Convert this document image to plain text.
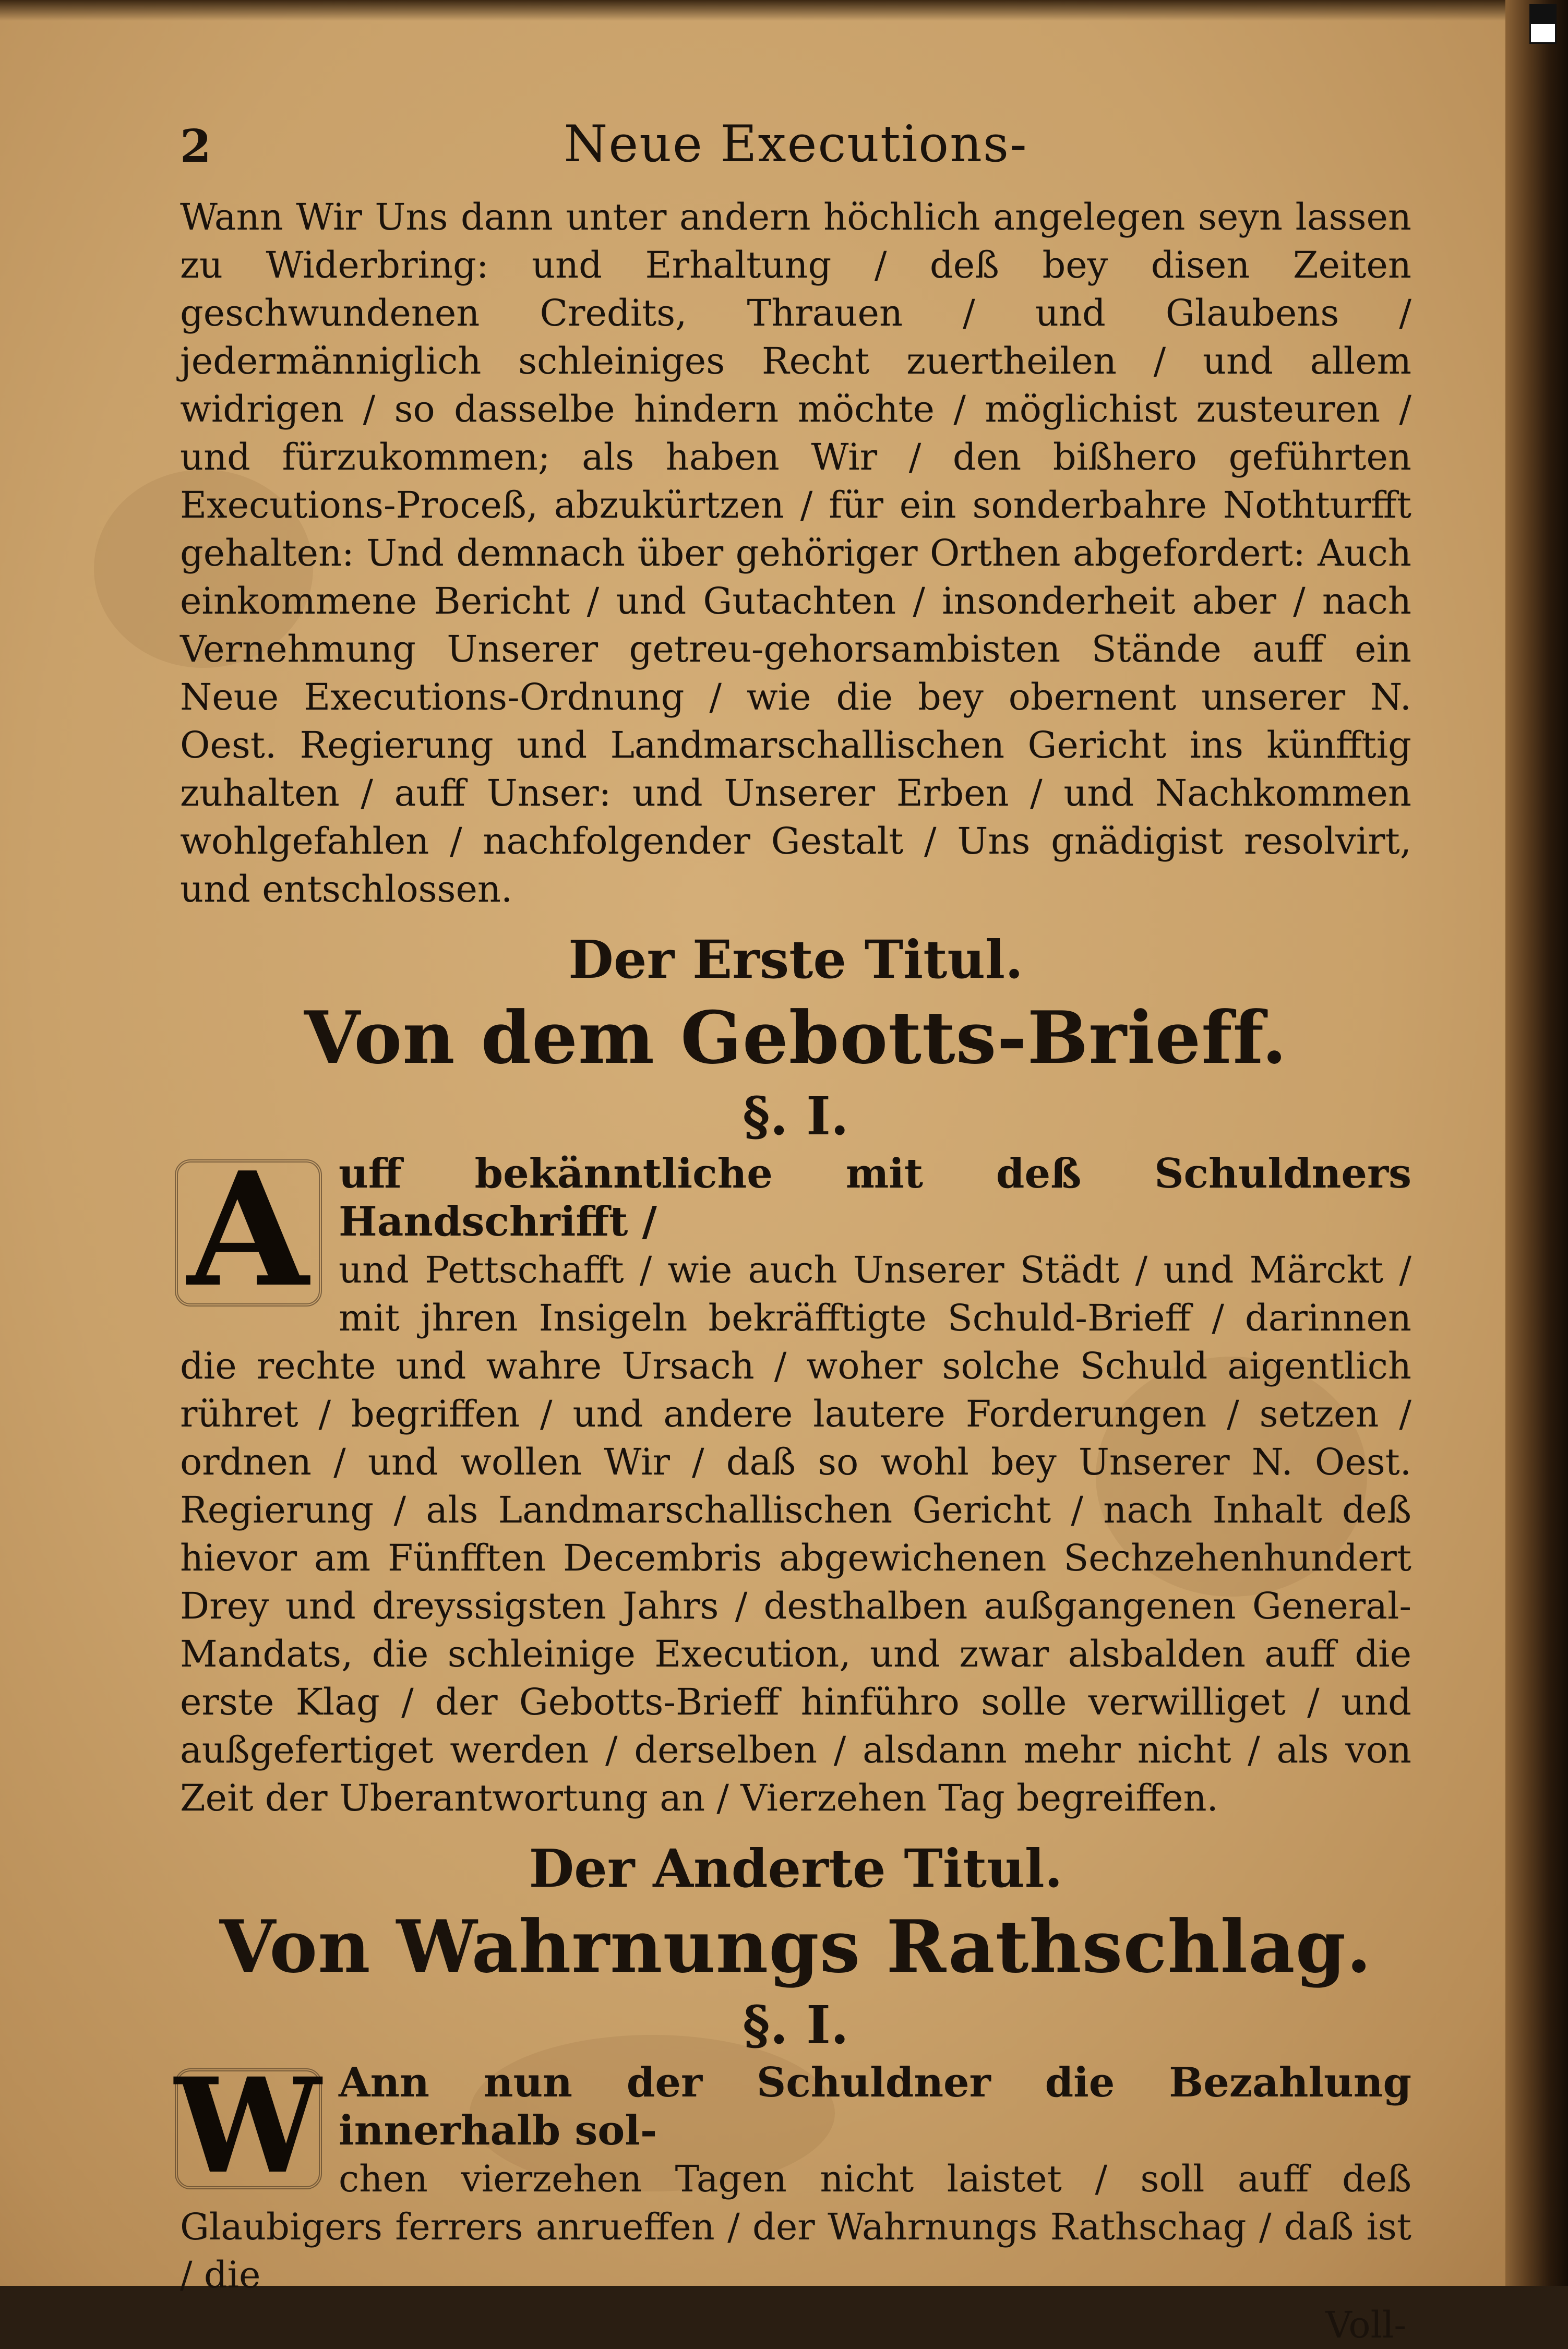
2	Neue Executions-

Wann Wir Uns dann unter andern höchlich angelegen seyn lassen zu Widerbring: und Erhaltung / deß bey disen Zeiten geschwundenen Credits, Thrauen / und Glaubens / jedermänniglich schleiniges Recht zuertheilen / und allem widrigen / so dasselbe hindern möchte / möglichist zusteuren / und fürzukommen; als haben Wir / den bißhero geführten Executions-Proceß, abzukürtzen / für ein sonderbahre Nothturfft gehalten: Und demnach über gehöriger Orthen abgefordert: Auch einkommene Bericht / und Gutachten / insonderheit aber / nach Vernehmung Unserer getreu-gehorsambisten Stände auff ein Neue Executions-Ordnung / wie die bey obernent unserer N. Oest. Regierung und Landmarschallischen Gericht ins künfftig zuhalten / auff Unser: und Unserer Erben / und Nachkommen wohlgefahlen / nachfolgender Gestalt / Uns gnädigist resolvirt, und entschlossen.

Der Erste Titul.
Von dem Gebotts-Brieff.
§. I.
A uff bekänntliche mit deß Schuldners Handschrifft /

und Pettschafft / wie auch Unserer Städt / und Märckt / mit jhren Insigeln bekräfftigte Schuld-Brieff / darinnen die rechte und wahre Ursach / woher solche Schuld aigentlich rühret / begriffen / und andere lautere Forderungen / setzen / ordnen / und wollen Wir / daß so wohl bey Unserer N. Oest. Regierung / als Landmarschallischen Gericht / nach Inhalt deß hievor am Fünfften Decembris abgewichenen Sechzehenhundert Drey und dreyssigsten Jahrs / desthalben außgangenen General-Mandats, die schleinige Execution, und zwar alsbalden auff die erste Klag / der Gebotts-Brieff hinführo solle verwilliget / und außgefertiget werden / derselben / alsdann mehr nicht / als von Zeit der Uberantwortung an / Vierzehen Tag begreiffen.

Der Anderte Titul.
Von Wahrnungs Rathschlag.
§. I.
W Ann nun der Schuldner die Bezahlung innerhalb sol-

chen vierzehen Tagen nicht laistet / soll auff deß Glaubigers ferrers anrueffen / der Wahrnungs Rathschag / daß ist / die

Voll-
